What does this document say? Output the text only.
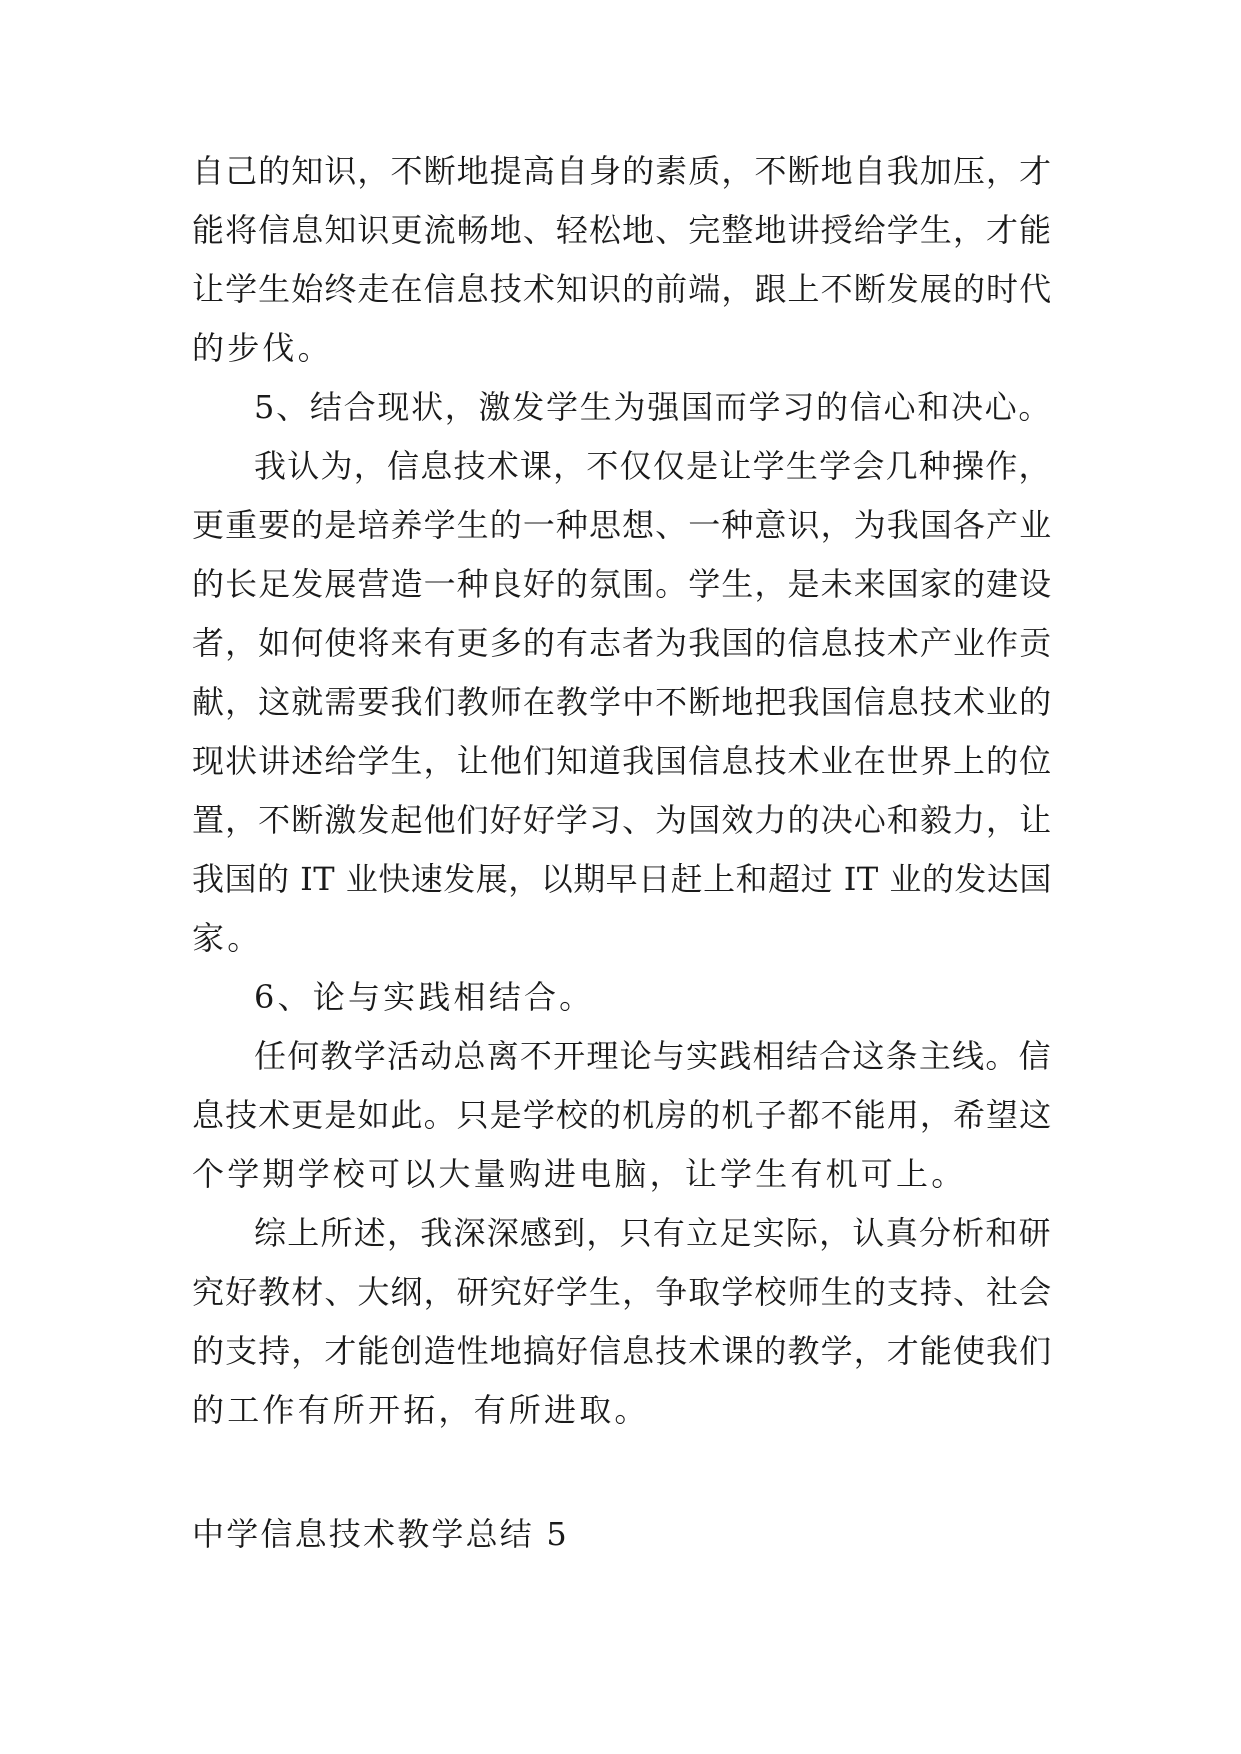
自己的知识，不断地提高自身的素质，不断地自我加压，才
能将信息知识更流畅地、轻松地、完整地讲授给学生，才能
让学生始终走在信息技术知识的前端，跟上不断发展的时代
的步伐。
5、结合现状，激发学生为强国而学习的信心和决心。
我认为，信息技术课，不仅仅是让学生学会几种操作，
更重要的是培养学生的一种思想、一种意识，为我国各产业
的长足发展营造一种良好的氛围。学生，是未来国家的建设
者，如何使将来有更多的有志者为我国的信息技术产业作贡
献，这就需要我们教师在教学中不断地把我国信息技术业的
现状讲述给学生，让他们知道我国信息技术业在世界上的位
置，不断激发起他们好好学习、为国效力的决心和毅力，让
我国的 IT 业快速发展，以期早日赶上和超过 IT 业的发达国
家。
6、论与实践相结合。
任何教学活动总离不开理论与实践相结合这条主线。信
息技术更是如此。只是学校的机房的机子都不能用，希望这
个学期学校可以大量购进电脑，让学生有机可上。
综上所述，我深深感到，只有立足实际，认真分析和研
究好教材、大纲，研究好学生，争取学校师生的支持、社会
的支持，才能创造性地搞好信息技术课的教学，才能使我们
的工作有所开拓，有所进取。
中学信息技术教学总结 5
